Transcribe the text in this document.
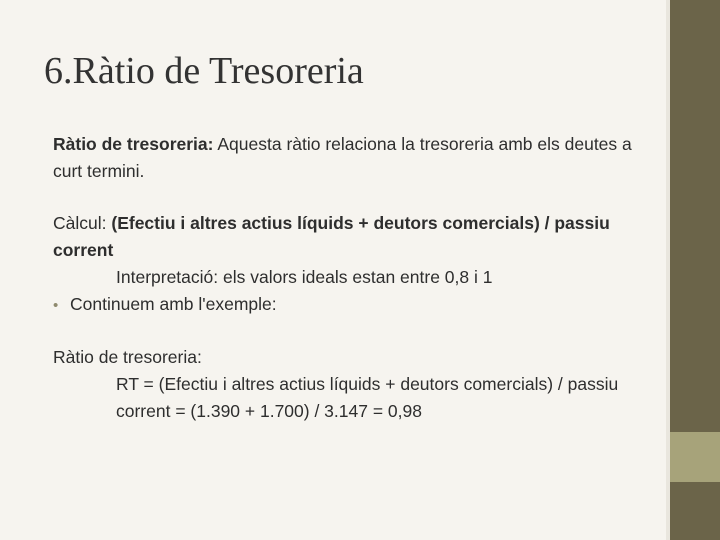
6.Ràtio de Tresoreria

Ràtio de tresoreria: Aquesta ràtio relaciona la tresoreria amb els deutes a curt termini.

Càlcul: (Efectiu i altres actius líquids + deutors comercials) / passiu corrent

Interpretació: els valors ideals estan entre 0,8 i 1

• Continuem amb l'exemple:

Ràtio de tresoreria:

RT = (Efectiu i altres actius líquids + deutors comercials) / passiu corrent = (1.390 + 1.700) / 3.147 = 0,98
